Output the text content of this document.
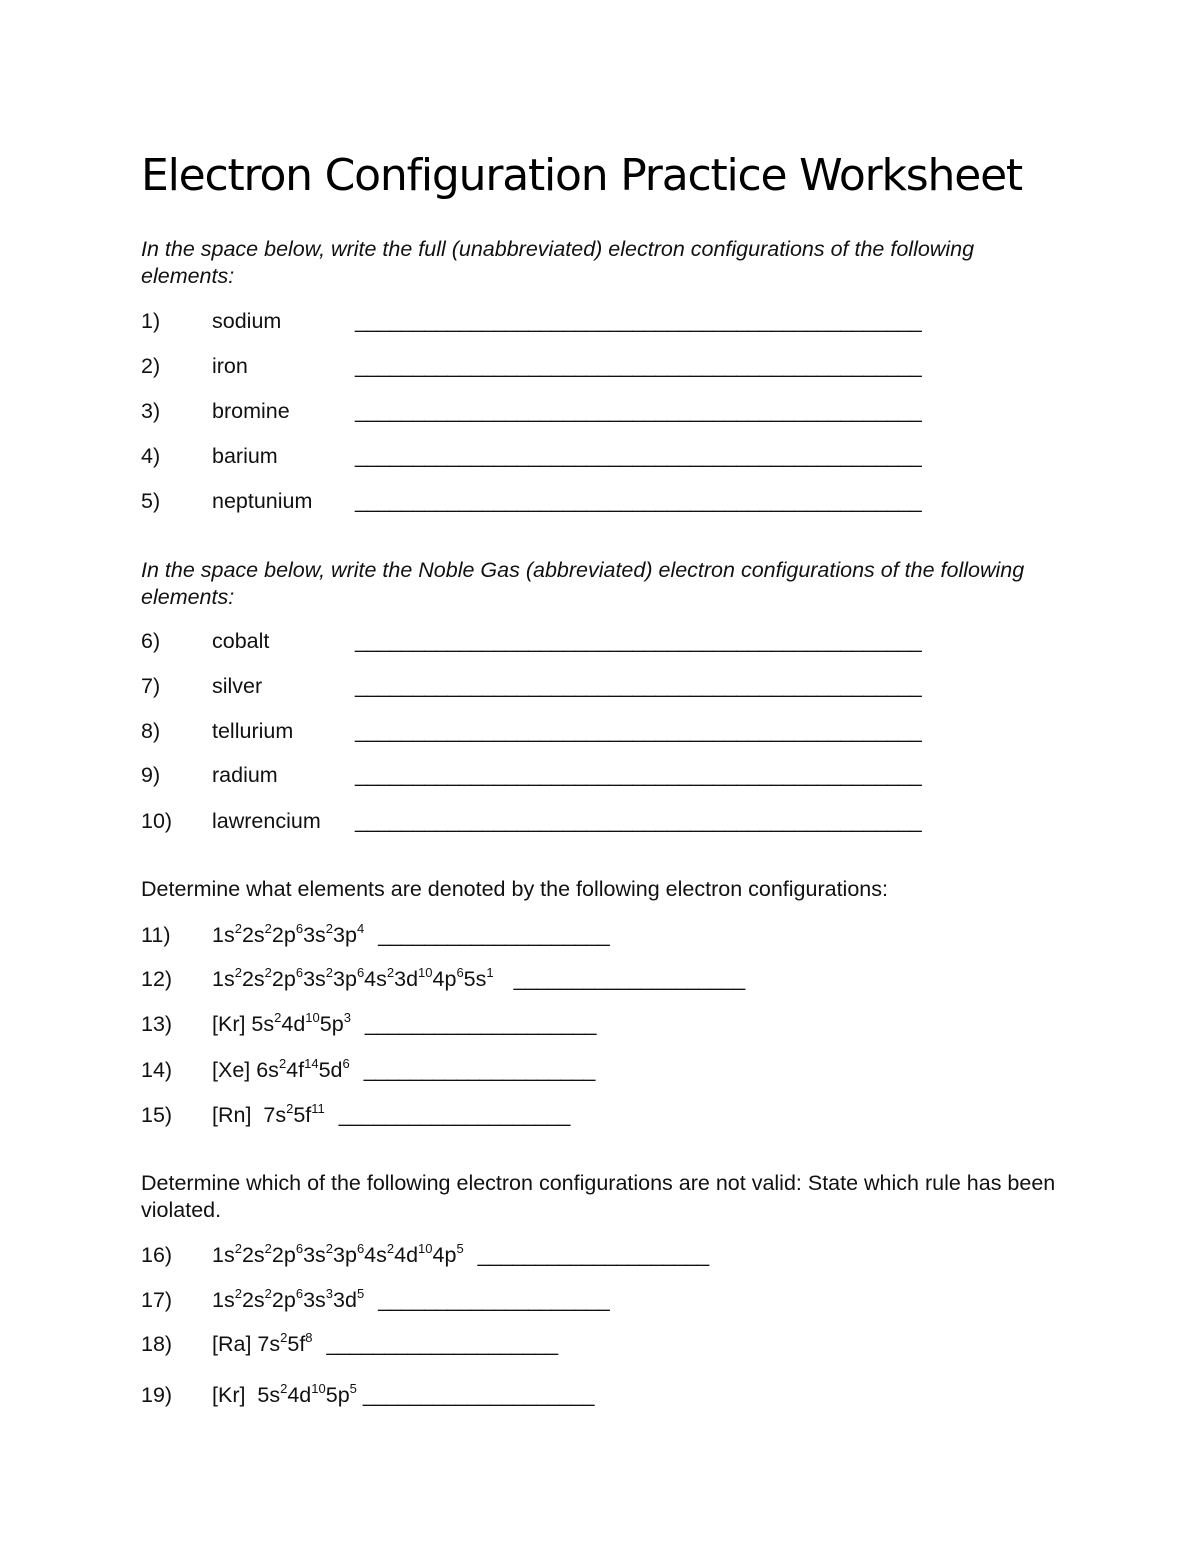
Electron Configuration Practice Worksheet

In the space below, write the full (unabbreviated) electron configurations of the following elements:

1) sodium	_________________________________________________
2) iron	_________________________________________________
3) bromine	_________________________________________________
4) barium	_________________________________________________
5) neptunium _________________________________________________

In the space below, write the Noble Gas (abbreviated) electron configurations of the following elements:

6) cobalt	_________________________________________________
7) silver	_________________________________________________
8) tellurium	_________________________________________________
9) radium	_________________________________________________
10) lawrencium _________________________________________________

Determine what elements are denoted by the following electron configurations:

11) $1s^22s^22p^63s^23p^4$ ____________________
12) $1s^22s^22p^63s^23p^64s^23d^{10}4p^65s^1$ ____________________
13) [Kr] $5s^24d^{10}5p^3$ ____________________
14) [Xe] $6s^24f^{14}5d^6$ ____________________
15) [Rn]  $7s^25f^{11}$ ____________________

Determine which of the following electron configurations are not valid: State which rule has been violated.

16) $1s^22s^22p^63s^23p^64s^24d^{10}4p^5$ ____________________
17) $1s^22s^22p^63s^33d^5$ ____________________
18) [Ra] $7s^25f^8$ ____________________
19) [Kr]  $5s^24d^{10}5p^5$ ____________________
